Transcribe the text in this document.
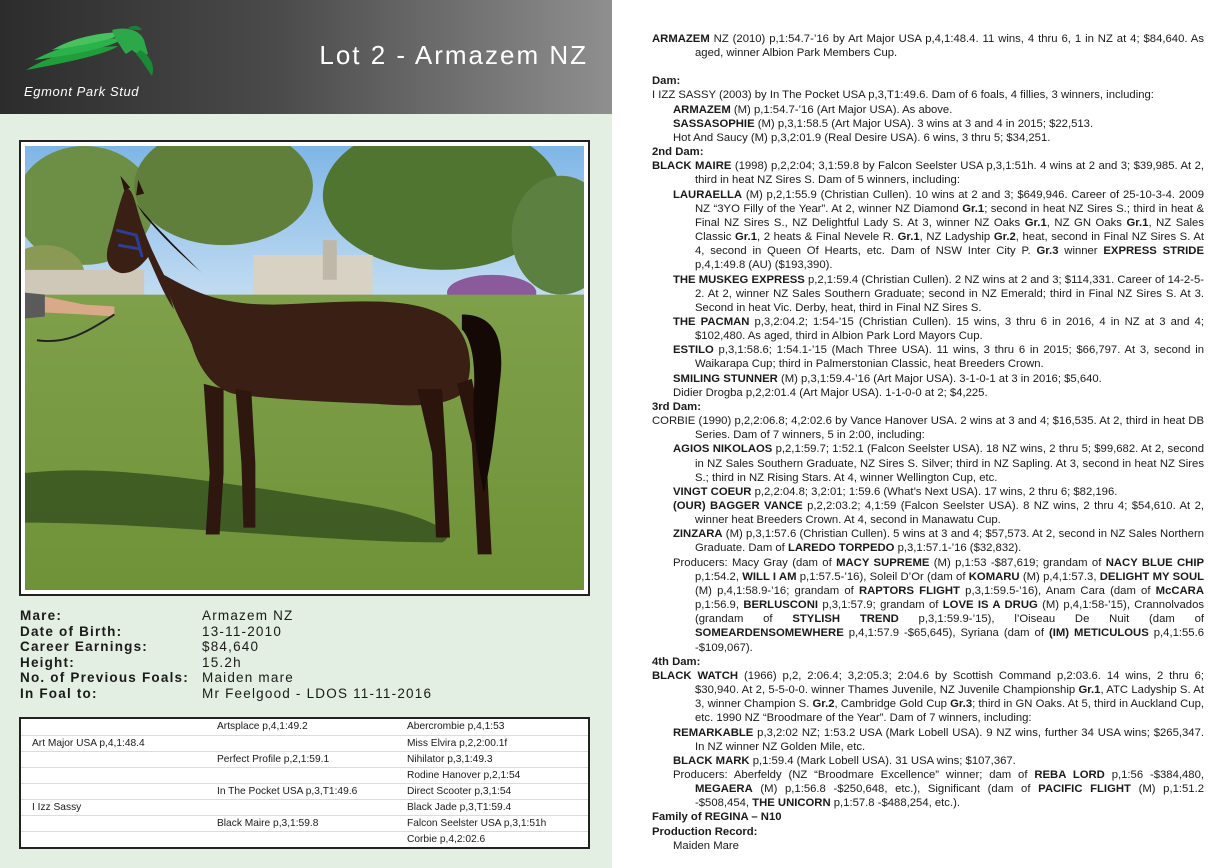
Egmont Park Stud
Lot 2 - Armazem NZ
Mare:	Armazem NZ
Date of Birth:	13-11-2010
Career Earnings:	$84,640
Height:	15.2h
No. of Previous Foals: Maiden mare
In Foal to:	Mr Feelgood - LDOS 11-11-2016
	Artsplace p,4,1:49.2	Abercrombie p,4,1:53
Art Major USA p,4,1:48.4		Miss Elvira p,2,2:00.1f
	Perfect Profile p,2,1:59.1	Nihilator p,3,1:49.3
		Rodine Hanover p,2,1:54
	In The Pocket USA p,3,T1:49.6	Direct Scooter p,3,1:54
I Izz Sassy		Black Jade p,3,T1:59.4
	Black Maire p,3,1:59.8	Falcon Seelster USA p,3,1:51h
		Corbie p,4,2:02.6
ARMAZEM NZ (2010) p,1:54.7-’16 by Art Major USA p,4,1:48.4. 11 wins, 4 thru 6, 1 in NZ at 4; $84,640. As aged, winner Albion Park Members Cup.
Dam:
I IZZ SASSY (2003) by In The Pocket USA p,3,T1:49.6. Dam of 6 foals, 4 fillies, 3 winners, including:
ARMAZEM (M) p,1:54.7-’16 (Art Major USA). As above.
SASSASOPHIE (M) p,3,1:58.5 (Art Major USA). 3 wins at 3 and 4 in 2015; $22,513.
Hot And Saucy (M) p,3,2:01.9 (Real Desire USA). 6 wins, 3 thru 5; $34,251.
2nd Dam:
BLACK MAIRE (1998) p,2,2:04; 3,1:59.8 by Falcon Seelster USA p,3,1:51h. 4 wins at 2 and 3; $39,985. At 2, third in heat NZ Sires S. Dam of 5 winners, including:
LAURAELLA (M) p,2,1:55.9 (Christian Cullen). 10 wins at 2 and 3; $649,946. Career of 25-10-3-4. 2009 NZ “3YO Filly of the Year”. At 2, winner NZ Diamond Gr.1; second in heat NZ Sires S.; third in heat & Final NZ Sires S., NZ Delightful Lady S. At 3, winner NZ Oaks Gr.1, NZ GN Oaks Gr.1, NZ Sales Classic Gr.1, 2 heats & Final Nevele R. Gr.1, NZ Ladyship Gr.2, heat, second in Final NZ Sires S. At 4, second in Queen Of Hearts, etc. Dam of NSW Inter City P. Gr.3 winner EXPRESS STRIDE p,4,1:49.8 (AU) ($193,390).
THE MUSKEG EXPRESS p,2,1:59.4 (Christian Cullen). 2 NZ wins at 2 and 3; $114,331. Career of 14-2-5-2. At 2, winner NZ Sales Southern Graduate; second in NZ Emerald; third in Final NZ Sires S. At 3. Second in heat Vic. Derby, heat, third in Final NZ Sires S.
THE PACMAN p,3,2:04.2; 1:54-’15 (Christian Cullen). 15 wins, 3 thru 6 in 2016, 4 in NZ at 3 and 4; $102,480. As aged, third in Albion Park Lord Mayors Cup.
ESTILO p,3,1:58.6; 1:54.1-’15 (Mach Three USA). 11 wins, 3 thru 6 in 2015; $66,797. At 3, second in Waikarapa Cup; third in Palmerstonian Classic, heat Breeders Crown.
SMILING STUNNER (M) p,3,1:59.4-’16 (Art Major USA). 3-1-0-1 at 3 in 2016; $5,640.
Didier Drogba p,2,2:01.4 (Art Major USA). 1-1-0-0 at 2; $4,225.
3rd Dam:
CORBIE (1990) p,2,2:06.8; 4,2:02.6 by Vance Hanover USA. 2 wins at 3 and 4; $16,535. At 2, third in heat DB Series. Dam of 7 winners, 5 in 2:00, including:
AGIOS NIKOLAOS p,2,1:59.7; 1:52.1 (Falcon Seelster USA). 18 NZ wins, 2 thru 5; $99,682. At 2, second in NZ Sales Southern Graduate, NZ Sires S. Silver; third in NZ Sapling. At 3, second in heat NZ Sires S.; third in NZ Rising Stars. At 4, winner Wellington Cup, etc.
VINGT COEUR p,2,2:04.8; 3,2:01; 1:59.6 (What’s Next USA). 17 wins, 2 thru 6; $82,196.
(OUR) BAGGER VANCE p,2,2:03.2; 4,1:59 (Falcon Seelster USA). 8 NZ wins, 2 thru 4; $54,610. At 2, winner heat Breeders Crown. At 4, second in Manawatu Cup.
ZINZARA (M) p,3,1:57.6 (Christian Cullen). 5 wins at 3 and 4; $57,573. At 2, second in NZ Sales Northern Graduate. Dam of LAREDO TORPEDO p,3,1:57.1-’16 ($32,832).
Producers: Macy Gray (dam of MACY SUPREME (M) p,1:53 -$87,619; grandam of NACY BLUE CHIP p,1:54.2, WILL I AM p,1:57.5-’16), Soleil D’Or (dam of KOMARU (M) p,4,1:57.3, DELIGHT MY SOUL (M) p,4,1:58.9-’16; grandam of RAPTORS FLIGHT p,3,1:59.5-’16), Anam Cara (dam of McCARA p,1:56.9, BERLUSCONI p,3,1:57.9; grandam of LOVE IS A DRUG (M) p,4,1:58-’15), Crannolvados (grandam of STYLISH TREND p,3,1:59.9-’15), l’Oiseau De Nuit (dam of SOMEARDENSOMEWHERE p,4,1:57.9 -$65,645), Syriana (dam of (IM) METICULOUS p,4,1:55.6 -$109,067).
4th Dam:
BLACK WATCH (1966) p,2, 2:06.4; 3,2:05.3; 2:04.6 by Scottish Command p,2:03.6. 14 wins, 2 thru 6; $30,940. At 2, 5-5-0-0. winner Thames Juvenile, NZ Juvenile Championship Gr.1, ATC Ladyship S. At 3, winner Champion S. Gr.2, Cambridge Gold Cup Gr.3; third in GN Oaks. At 5, third in Auckland Cup, etc. 1990 NZ “Broodmare of the Year”. Dam of 7 winners, including:
REMARKABLE p,3,2:02 NZ; 1:53.2 USA (Mark Lobell USA). 9 NZ wins, further 34 USA wins; $265,347. In NZ winner NZ Golden Mile, etc.
BLACK MARK p,1:59.4 (Mark Lobell USA). 31 USA wins; $107,367.
Producers: Aberfeldy (NZ “Broodmare Excellence” winner; dam of REBA LORD p,1:56 -$384,480, MEGAERA (M) p,1:56.8 -$250,648, etc.), Significant (dam of PACIFIC FLIGHT (M) p,1:51.2 -$508,454, THE UNICORN p,1:57.8 -$488,254, etc.).
Family of REGINA – N10
Production Record:
Maiden Mare
